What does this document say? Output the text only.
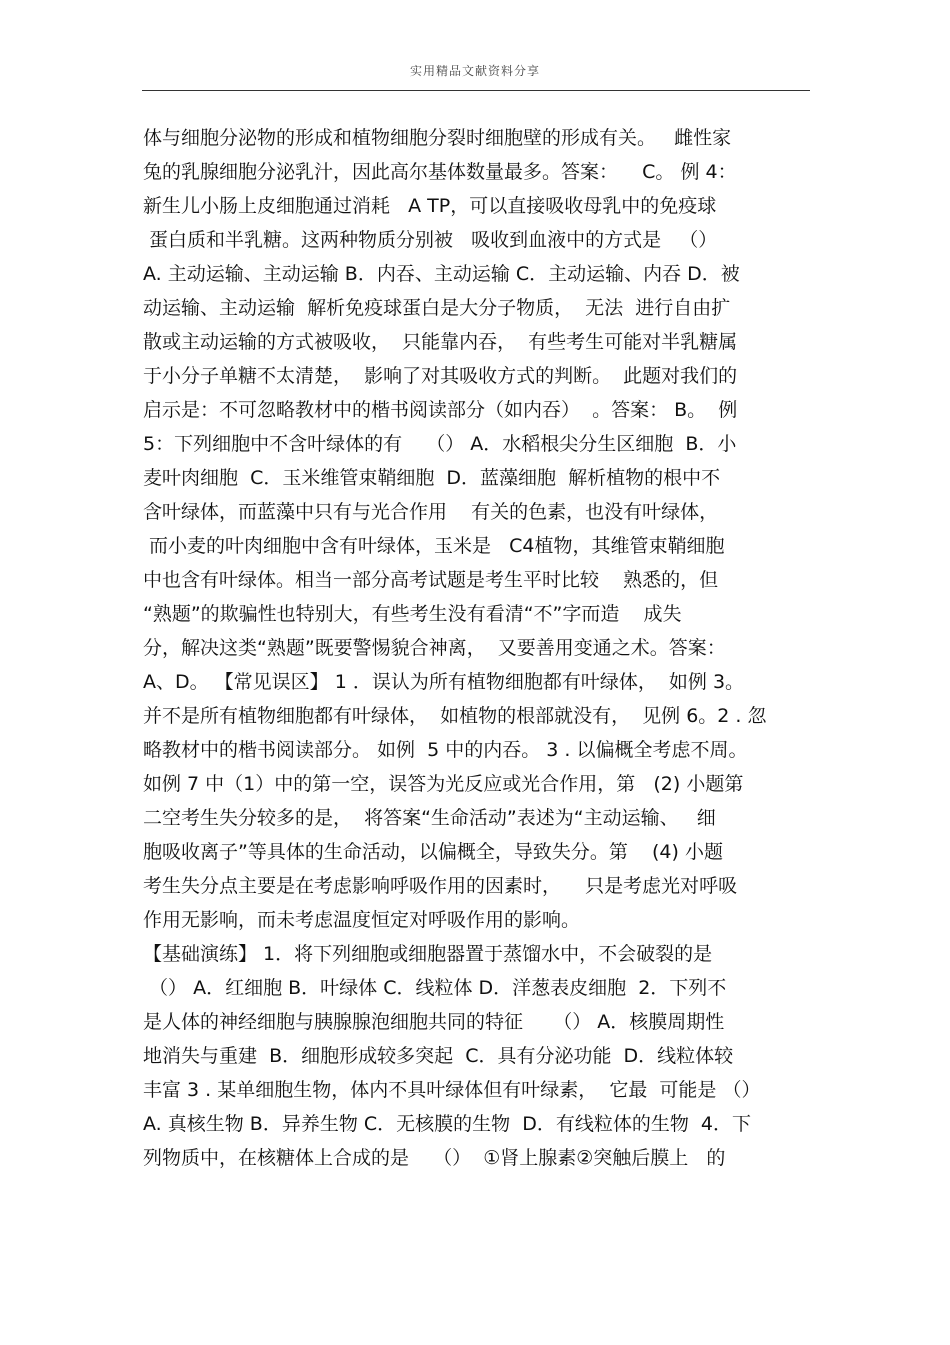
实用精品文献资料分享
体与细胞分泌物的形成和植物细胞分裂时细胞壁的形成有关。   雌性家
兔的乳腺细胞分泌乳汁，因此高尔基体数量最多。答案：    C。 例 4：
新生儿小肠上皮细胞通过消耗   A TP，可以直接吸收母乳中的免疫球
蛋白质和半乳糖。这两种物质分别被   吸收到血液中的方式是   （）
A. 主动运输、主动运输 B．内吞、主动运输 C．主动运输、内吞 D．被
动运输、主动运输  解析免疫球蛋白是大分子物质，  无法  进行自由扩
散或主动运输的方式被吸收，  只能靠内吞，  有些考生可能对半乳糖属
于小分子单糖不太清楚，  影响了对其吸收方式的判断。  此题对我们的
启示是：不可忽略教材中的楷书阅读部分（如内吞）  。答案： B。  例
5：下列细胞中不含叶绿体的有    （） A．水稻根尖分生区细胞  B．小
麦叶肉细胞  C．玉米维管束鞘细胞  D．蓝藻细胞  解析植物的根中不
含叶绿体，而蓝藻中只有与光合作用    有关的色素，也没有叶绿体，
而小麦的叶肉细胞中含有叶绿体，玉米是   C4植物，其维管束鞘细胞
中也含有叶绿体。相当一部分高考试题是考生平时比较    熟悉的，但
“熟题”的欺骗性也特别大，有些考生没有看清“不”字而造    成失
分，解决这类“熟题”既要警惕貌合神离，  又要善用变通之术。答案：
A、D。 【常见误区】 1 ．误认为所有植物细胞都有叶绿体，  如例 3。
并不是所有植物细胞都有叶绿体，  如植物的根部就没有，  见例 6。2 . 忽
略教材中的楷书阅读部分。 如例  5 中的内吞。 3 . 以偏概全考虑不周。
如例 7 中（1）中的第一空，误答为光反应或光合作用，第   (2) 小题第
二空考生失分较多的是，  将答案“生命活动”表述为“主动运输、   细
胞吸收离子”等具体的生命活动，以偏概全，导致失分。第    (4) 小题
考生失分点主要是在考虑影响呼吸作用的因素时，    只是考虑光对呼吸
作用无影响，而未考虑温度恒定对呼吸作用的影响。
【基础演练】 1．将下列细胞或细胞器置于蒸馏水中，不会破裂的是
（） A．红细胞 B．叶绿体 C．线粒体 D．洋葱表皮细胞  2．下列不
是人体的神经细胞与胰腺腺泡细胞共同的特征     （） A．核膜周期性
地消失与重建  B．细胞形成较多突起  C．具有分泌功能  D．线粒体较
丰富 3 . 某单细胞生物，体内不具叶绿体但有叶绿素，  它最  可能是 （）
A. 真核生物 B．异养生物 C．无核膜的生物  D．有线粒体的生物  4．下
列物质中，在核糖体上合成的是    （）  ①肾上腺素②突触后膜上   的
